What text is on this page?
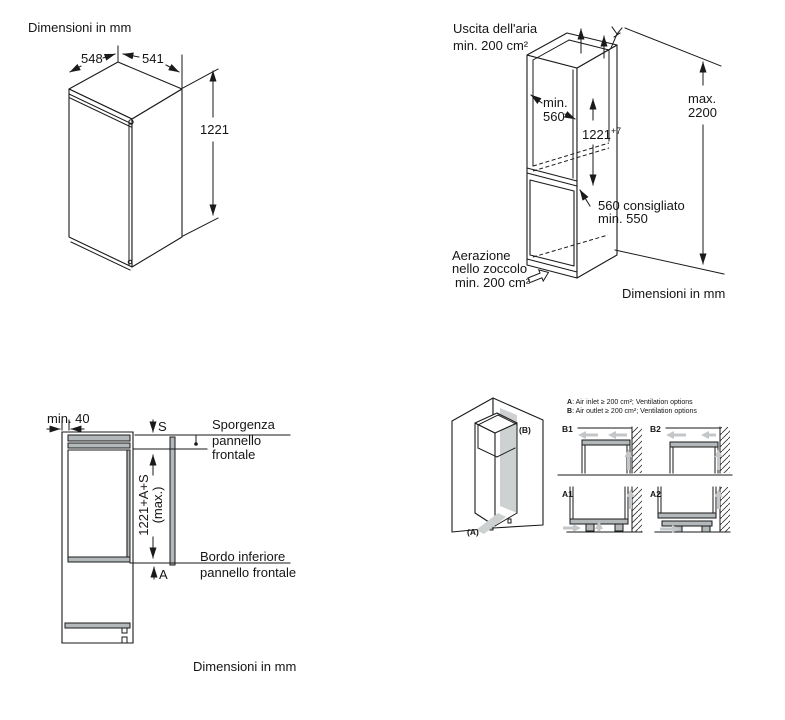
Dimensioni in mm
548	541
1221
Uscita dell'aria
min. 200 cm²
min.
560
$1221^{+7}$
max.
2200
560 consigliato
min. 550
Aerazione
nello zoccolo
min. 200 cm²
Dimensioni in mm
min. 40
S	Sporgenza
pannello
frontale
1221+A+S (max.)
Bordo inferiore
pannello frontale
A
Dimensioni in mm
(B)
(A)
A: Air inlet ≥ 200 cm²; Ventilation options
B: Air outlet ≥ 200 cm²; Ventilation options
B1	B2
A1	A2
